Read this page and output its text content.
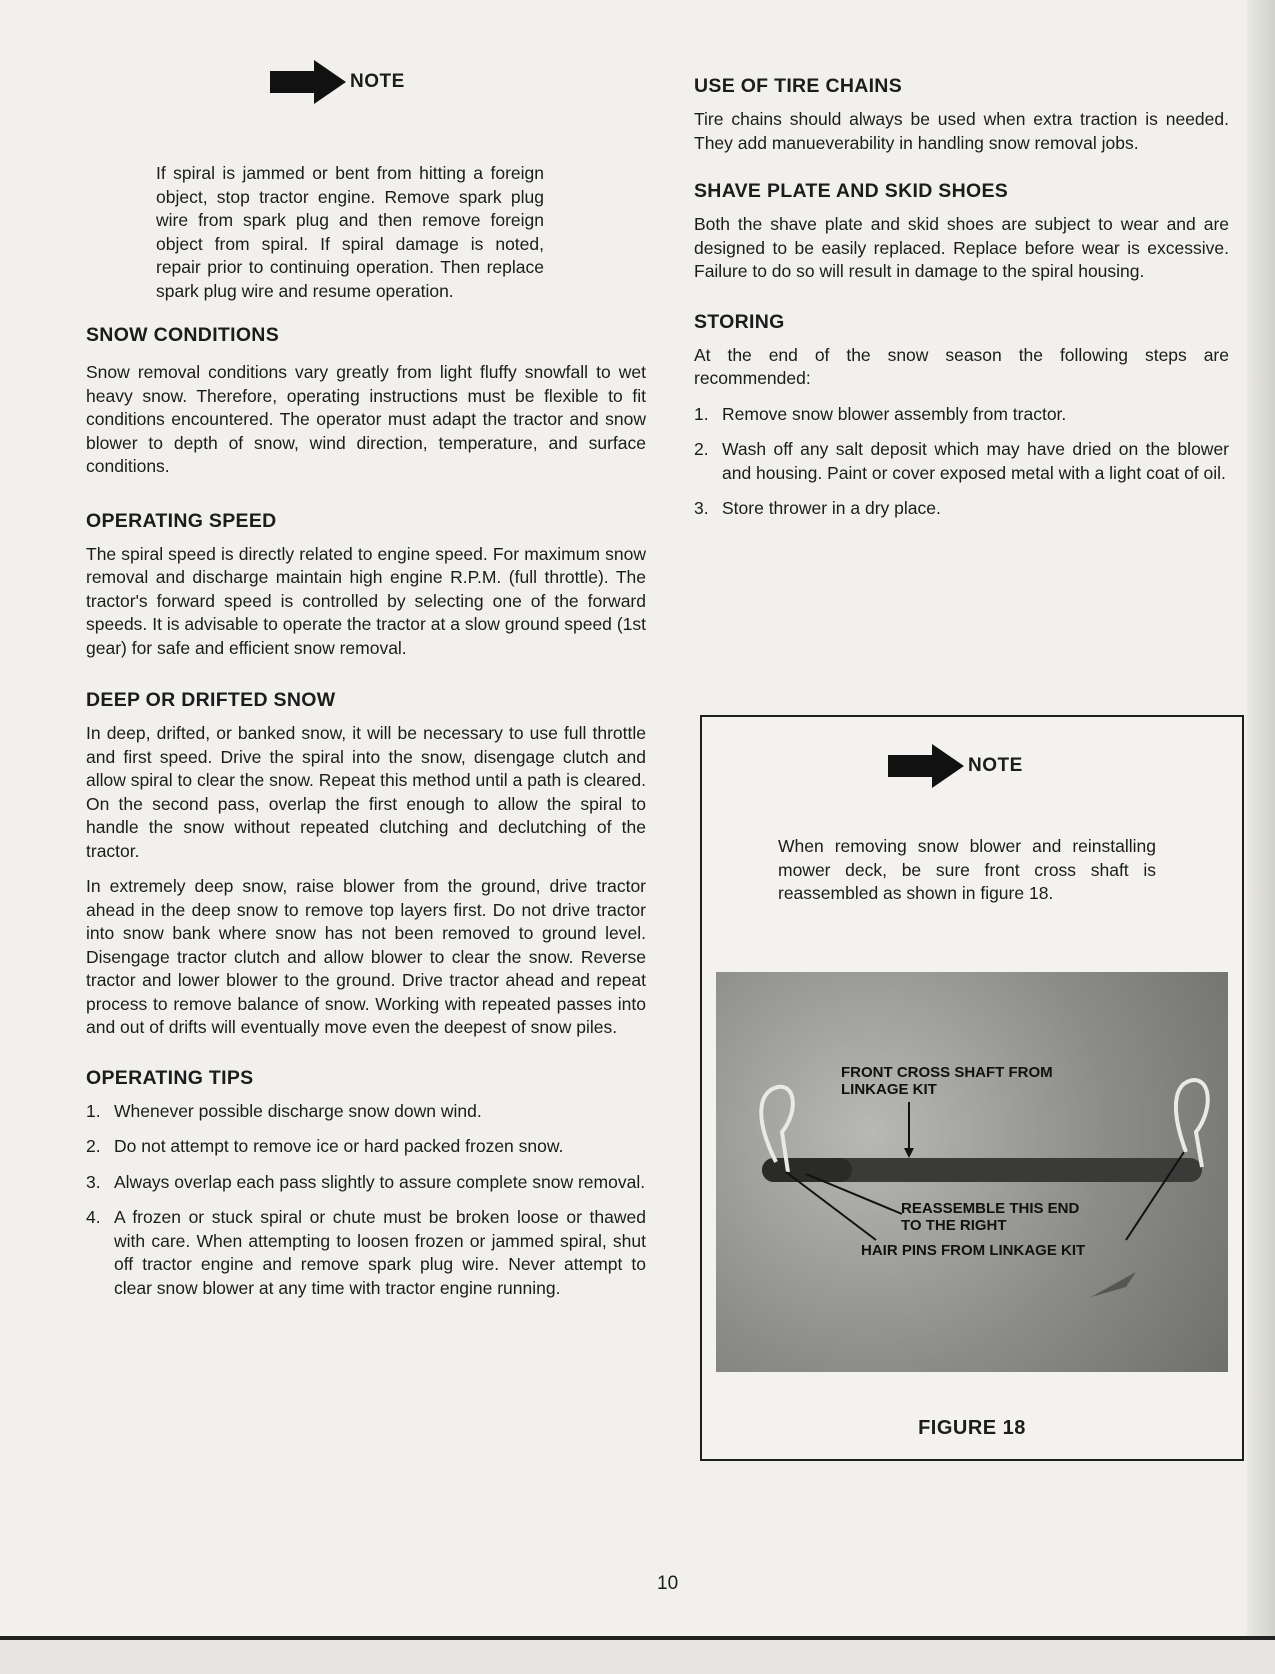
NOTE

If spiral is jammed or bent from hitting a foreign object, stop tractor engine. Remove spark plug wire from spark plug and then remove foreign object from spiral. If spiral damage is noted, repair prior to continuing operation. Then replace spark plug wire and resume operation.

SNOW CONDITIONS

Snow removal conditions vary greatly from light fluffy snowfall to wet heavy snow. Therefore, operating instructions must be flexible to fit conditions encountered. The operator must adapt the tractor and snow blower to depth of snow, wind direction, temperature, and surface conditions.

OPERATING SPEED

The spiral speed is directly related to engine speed. For maximum snow removal and discharge maintain high engine R.P.M. (full throttle). The tractor's forward speed is controlled by selecting one of the forward speeds. It is advisable to operate the tractor at a slow ground speed (1st gear) for safe and efficient snow removal.

DEEP OR DRIFTED SNOW

In deep, drifted, or banked snow, it will be necessary to use full throttle and first speed. Drive the spiral into the snow, disengage clutch and allow spiral to clear the snow. Repeat this method until a path is cleared. On the second pass, overlap the first enough to allow the spiral to handle the snow without repeated clutching and declutching of the tractor.

In extremely deep snow, raise blower from the ground, drive tractor ahead in the deep snow to remove top layers first. Do not drive tractor into snow bank where snow has not been removed to ground level. Disengage tractor clutch and allow blower to clear the snow. Reverse tractor and lower blower to the ground. Drive tractor ahead and repeat process to remove balance of snow. Working with repeated passes into and out of drifts will eventually move even the deepest of snow piles.

OPERATING TIPS
1. Whenever possible discharge snow down wind.
2. Do not attempt to remove ice or hard packed frozen snow.
3. Always overlap each pass slightly to assure complete snow removal.
4. A frozen or stuck spiral or chute must be broken loose or thawed with care. When attempting to loosen frozen or jammed spiral, shut off tractor engine and remove spark plug wire. Never attempt to clear snow blower at any time with tractor engine running.
USE OF TIRE CHAINS

Tire chains should always be used when extra traction is needed. They add manueverability in handling snow removal jobs.

SHAVE PLATE AND SKID SHOES

Both the shave plate and skid shoes are subject to wear and are designed to be easily replaced. Replace before wear is excessive. Failure to do so will result in damage to the spiral housing.

STORING

At the end of the snow season the following steps are recommended:

1. Remove snow blower assembly from tractor.
2. Wash off any salt deposit which may have dried on the blower and housing. Paint or cover exposed metal with a light coat of oil.
3. Store thrower in a dry place.
NOTE

When removing snow blower and reinstalling mower deck, be sure front cross shaft is reassembled as shown in figure 18.

FRONT CROSS SHAFT FROM LINKAGE KIT
REASSEMBLE THIS END TO THE RIGHT
HAIR PINS FROM LINKAGE KIT
FIGURE 18
10
